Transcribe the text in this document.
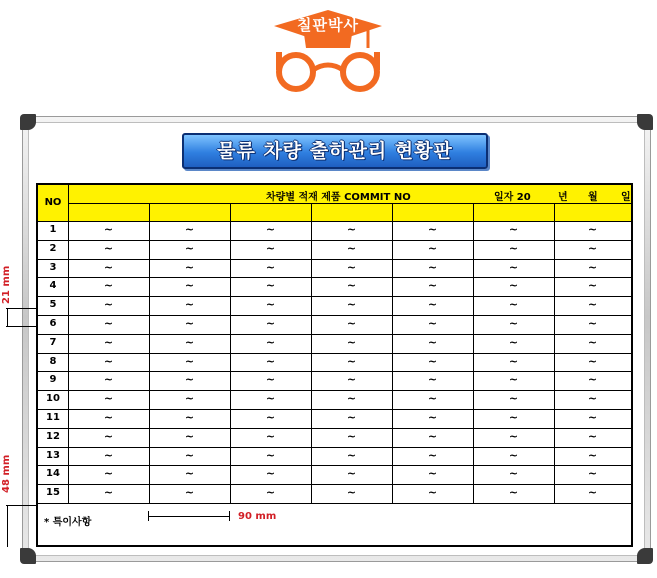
칠판박사
물류 차량 출하관리 현황판
NO	차량별 적재 제품 COMMIT NO	일자 20	년 월 일
* 특이사항
1	~	~	~	~	~	~	~
2	~	~	~	~	~	~	~
3	~	~	~	~	~	~	~
4	~	~	~	~	~	~	~
5	~	~	~	~	~	~	~
6	~	~	~	~	~	~	~
7	~	~	~	~	~	~	~
8	~	~	~	~	~	~	~
9	~	~	~	~	~	~	~
10	~	~	~	~	~	~	~
11	~	~	~	~	~	~	~
12	~	~	~	~	~	~	~
13	~	~	~	~	~	~	~
14	~	~	~	~	~	~	~
15	~	~	~	~	~	~	~
21 mm
48 mm
90 mm
